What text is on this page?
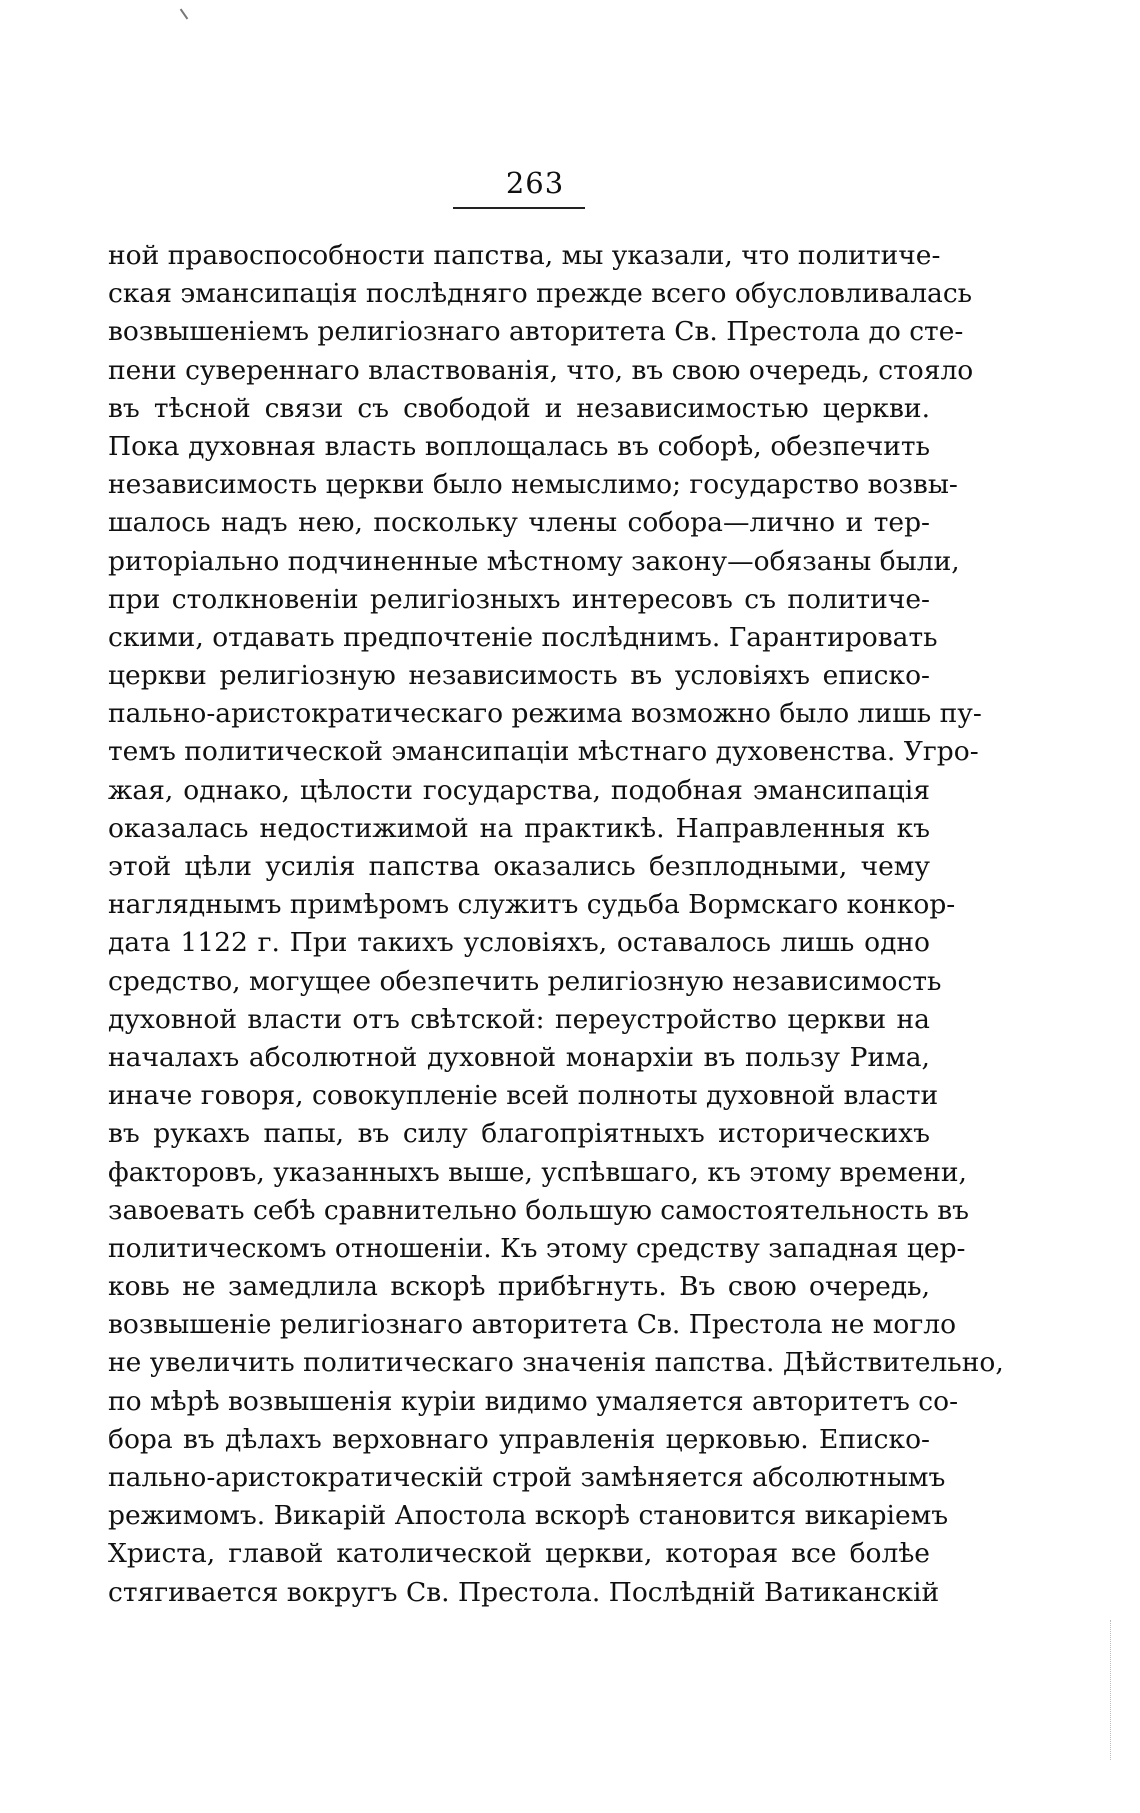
263
ной правоспособности папства, мы указали, что политиче-
ская эмансипацiя послѣдняго прежде всего обусловливалась
возвышенiемъ религiознаго авторитета Св. Престола до сте-
пени сувереннаго властвованiя, что, въ свою очередь, стояло
въ тѣсной связи съ свободой и независимостью церкви.
Пока духовная власть воплощалась въ соборѣ, обезпечить
независимость церкви было немыслимо; государство возвы-
шалось надъ нею, поскольку члены собора—лично и тер-
риторiально подчиненные мѣстному закону—обязаны были,
при столкновенiи религiозныхъ интересовъ съ политиче-
скими, отдавать предпочтенiе послѣднимъ. Гарантировать
церкви религiозную независимость въ условiяхъ еписко-
пально-аристократическаго режима возможно было лишь пу-
темъ политической эмансипацiи мѣстнаго духовенства. Угро-
жая, однако, цѣлости государства, подобная эмансипацiя
оказалась недостижимой на практикѣ. Направленныя къ
этой цѣли усилiя папства оказались безплодными, чему
нагляднымъ примѣромъ служитъ судьба Вормскаго конкор-
дата 1122 г. При такихъ условiяхъ, оставалось лишь одно
средство, могущее обезпечить религiозную независимость
духовной власти отъ свѣтской: переустройство церкви на
началахъ абсолютной духовной монархiи въ пользу Рима,
иначе говоря, совокупленiе всей полноты духовной власти
въ рукахъ папы, въ силу благопрiятныхъ историческихъ
факторовъ, указанныхъ выше, успѣвшаго, къ этому времени,
завоевать себѣ сравнительно большую самостоятельность въ
политическомъ отношенiи. Къ этому средству западная цер-
ковь не замедлила вскорѣ прибѣгнуть. Въ свою очередь,
возвышенiе религiознаго авторитета Св. Престола не могло
не увеличить политическаго значенiя папства. Дѣйствительно,
по мѣрѣ возвышенiя курiи видимо умаляется авторитетъ со-
бора въ дѣлахъ верховнаго управленiя церковью. Еписко-
пально-аристократическiй строй замѣняется абсолютнымъ
режимомъ. Викарiй Апостола вскорѣ становится викарiемъ
Христа, главой католической церкви, которая все болѣе
стягивается вокругъ Св. Престола. Послѣднiй Ватиканскiй
